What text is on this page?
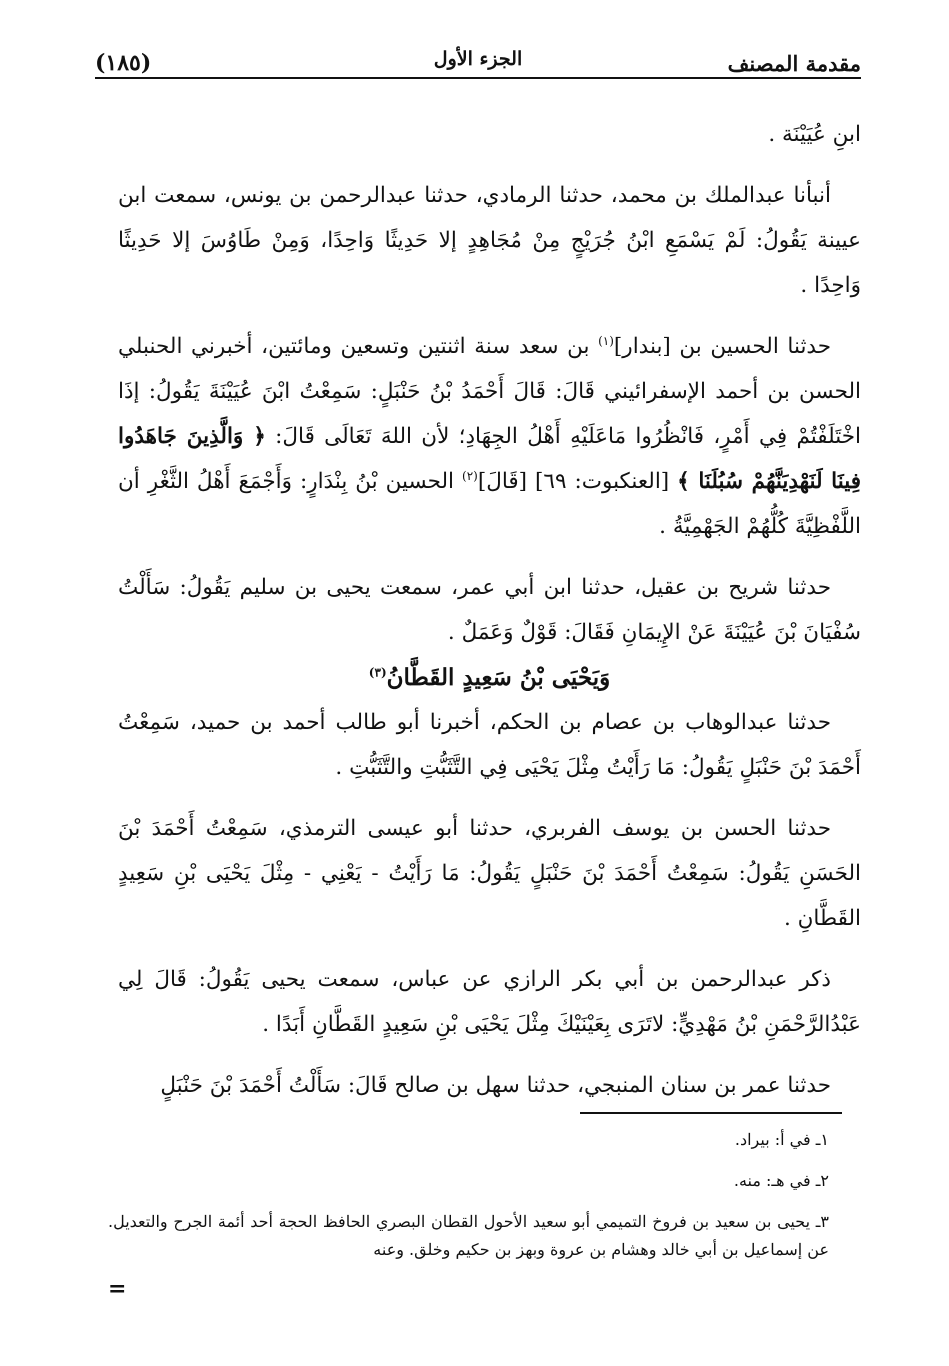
مقدمة المصنف
الجزء الأول
(١٨٥)

ابنِ عُيَيْنَة .

أنبأنا عبدالملك بن محمد، حدثنا الرمادي، حدثنا عبدالرحمن بن يونس، سمعت ابن عيينة يَقُولُ: لَمْ يَسْمَعِ ابْنُ جُرَيْجٍ مِنْ مُجَاهِدٍ إلا حَدِيثًا وَاحِدًا، وَمِنْ طَاوُسَ إلا حَدِيثًا وَاحِدًا .

حدثنا الحسين بن [بندار]$^{(١)}$ بن سعد سنة اثنتين وتسعين ومائتين، أخبرني الحنبلي الحسن بن أحمد الإسفرائيني قَالَ: قَالَ أَحْمَدُ بْنُ حَنْبَلٍ: سَمِعْتُ ابْنَ عُيَيْنَةَ يَقُولُ: إذَا اخْتَلَفْتُمْ فِي أَمْرٍ، فَانْظُرُوا مَاعَلَيْهِ أَهْلُ الجِهَادِ؛ لأن اللهَ تَعَالَى قَالَ: ﴿ وَالَّذِينَ جَاهَدُوا فِينَا لَنَهْدِيَنَّهُمْ سُبُلَنَا ﴾ [العنكبوت: ٦٩] [قَالَ]$^{(٢)}$ الحسين بْنُ بِنْدَارٍ: وَأَجْمَعَ أَهْلُ الثَّغْرِ أن اللَّفْظِيَّةَ كُلُّهُمْ الجَهْمِيَّةُ .

حدثنا شريح بن عقيل، حدثنا ابن أبي عمر، سمعت يحيى بن سليم يَقُولُ: سَأَلْتُ سُفْيَانَ بْنَ عُيَيْنَةَ عَنْ الإِيمَانِ فَقَالَ: قَوْلٌ وَعَمَلٌ .

وَيَحْيَى بْنُ سَعِيدٍ القَطَّانُ$^{(٣)}$

حدثنا عبدالوهاب بن عصام بن الحكم، أخبرنا أبو طالب أحمد بن حميد، سَمِعْتُ أَحْمَدَ بْنَ حَنْبَلٍ يَقُولُ: مَا رَأَيْتُ مِثْلَ يَحْيَى فِي التَّثَبُّتِ والتَّثَبُّتِ .

حدثنا الحسن بن يوسف الفربري، حدثنا أبو عيسى الترمذي، سَمِعْتُ أَحْمَدَ بْنَ الحَسَنِ يَقُولُ: سَمِعْتُ أَحْمَدَ بْنَ حَنْبَلٍ يَقُولُ: مَا رَأَيْتُ - يَعْنِي - مِثْلَ يَحْيَى بْنِ سَعِيدٍ القَطَّانِ .

ذكر عبدالرحمن بن أبي بكر الرازي عن عباس، سمعت يحيى يَقُولُ: قَالَ لِي عَبْدُالرَّحْمَنِ بْنُ مَهْدِيٍّ: لاتَرَى بِعَيْنَيْكَ مِثْلَ يَحْيَى بْنِ سَعِيدٍ القَطَّانِ أَبَدًا .

حدثنا عمر بن سنان المنبجي، حدثنا سهل بن صالح قَالَ: سَأَلْتُ أَحْمَدَ بْنَ حَنْبَلٍ

١ـ في أ: بيراد.

٢ـ في هـ: منه.

٣ـ يحيى بن سعيد بن فروخ التميمي أبو سعيد الأحول القطان البصري الحافظ الحجة أحد أئمة الجرح والتعديل. عن إسماعيل بن أبي خالد وهشام بن عروة وبهز بن حكيم وخلق. وعنه

=
